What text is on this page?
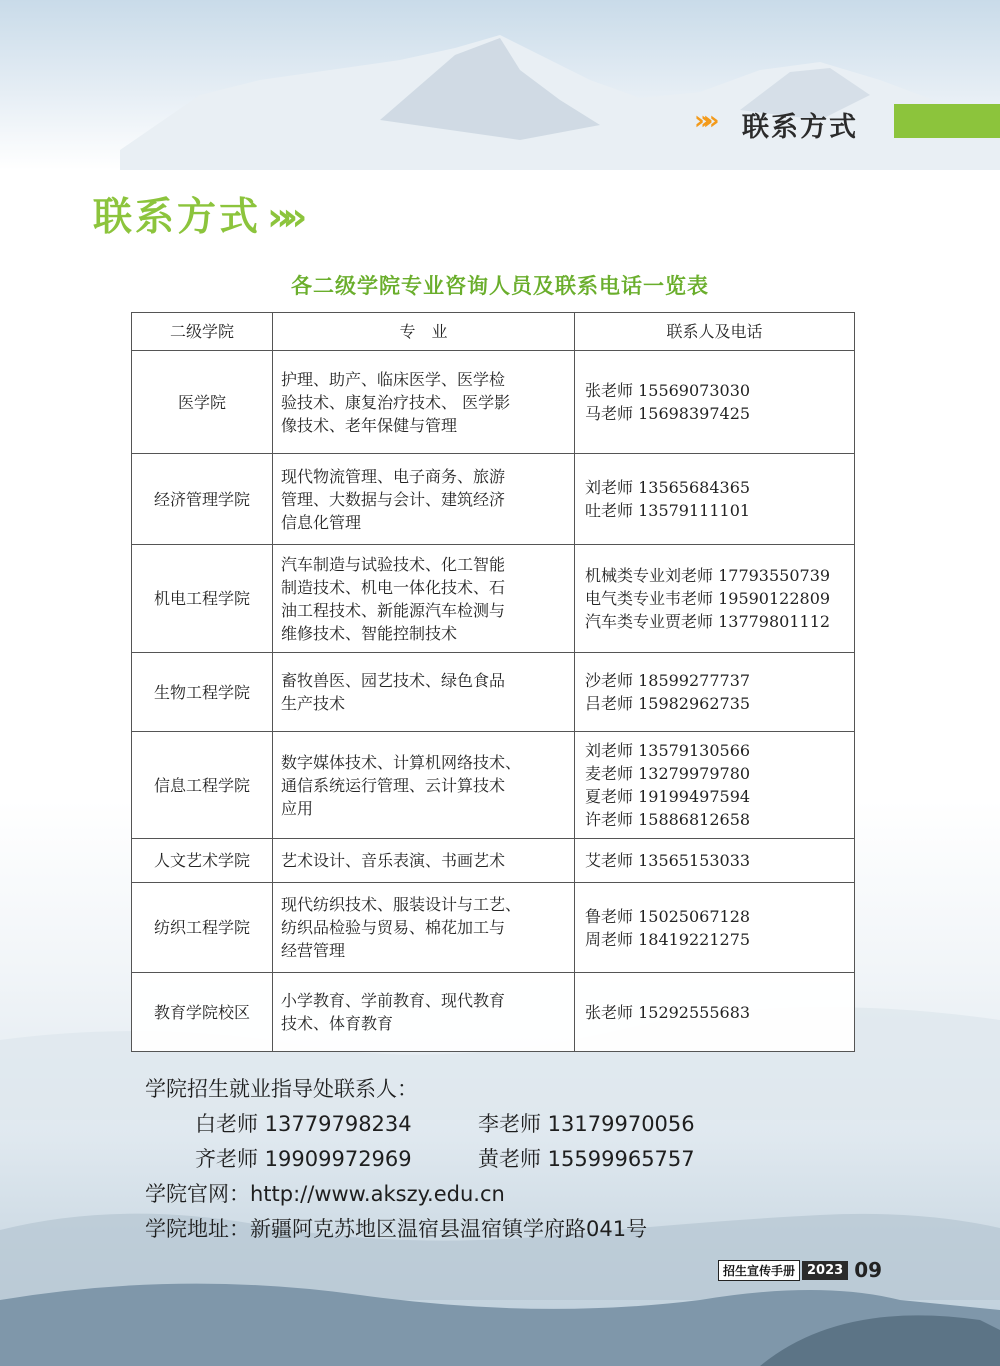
»» 联系方式
联系方式 »»
各二级学院专业咨询人员及联系电话一览表
二级学院	专　业	联系人及电话
医学院	护理、助产、临床医学、医学检
验技术、康复治疗技术、 医学影
像技术、老年保健与管理	张老师 15569073030
马老师 15698397425

经济管理学院	现代物流管理、电子商务、旅游
管理、大数据与会计、建筑经济
信息化管理	刘老师 13565684365
吐老师 13579111101

机电工程学院	汽车制造与试验技术、化工智能
制造技术、机电一体化技术、石
油工程技术、新能源汽车检测与
维修技术、智能控制技术	机械类专业刘老师 17793550739
电气类专业韦老师 19590122809
汽车类专业贾老师 13779801112

生物工程学院	畜牧兽医、园艺技术、绿色食品
生产技术	沙老师 18599277737
吕老师 15982962735

信息工程学院	数字媒体技术、计算机网络技术、
通信系统运行管理、云计算技术
应用	刘老师 13579130566
麦老师 13279979780
夏老师 19199497594
许老师 15886812658

人文艺术学院	艺术设计、音乐表演、书画艺术	艾老师 13565153033

纺织工程学院	现代纺织技术、服装设计与工艺、
纺织品检验与贸易、棉花加工与
经营管理	鲁老师 15025067128
周老师 18419221275

教育学院校区	小学教育、学前教育、现代教育
技术、体育教育	张老师 15292555683
学院招生就业指导处联系人：
白老师 13779798234	李老师 13179970056
齐老师 19909972969	黄老师 15599965757
学院官网：http://www.akszy.edu.cn
学院地址：新疆阿克苏地区温宿县温宿镇学府路041号
招生宣传手册 2023 09
